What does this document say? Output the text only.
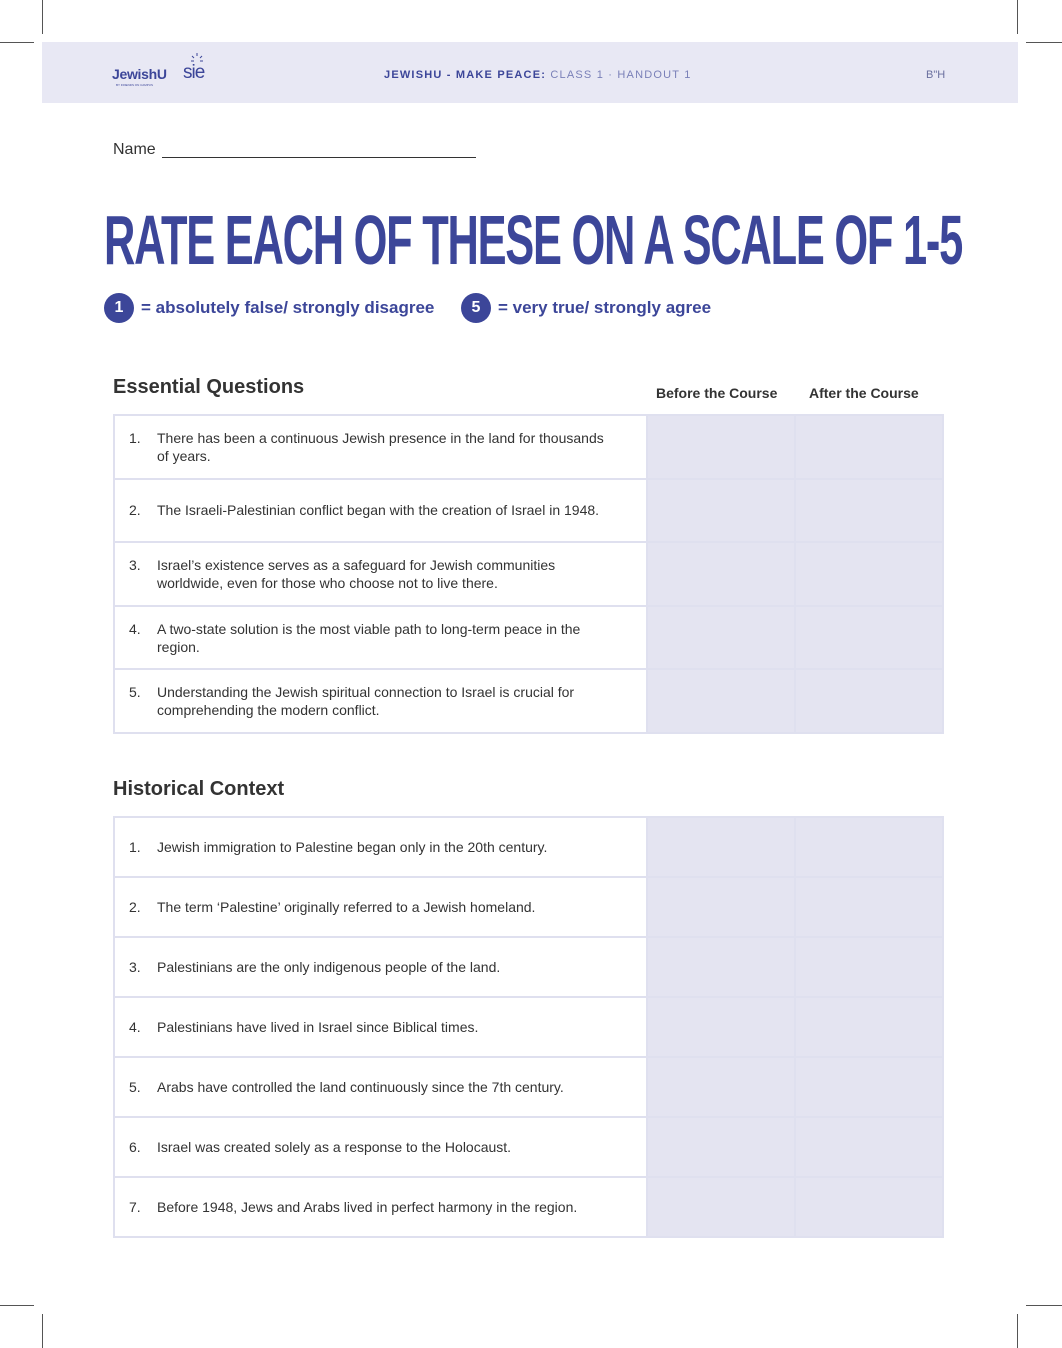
JewishU
BY FRIENDS ON CAMPUS
sie	JEWISHU - MAKE PEACE: CLASS 1 · HANDOUT 1	B"H
Name
RATE EACH OF THESE ON A SCALE OF 1-5
1	= absolutely false/ strongly disagree	5	= very true/ strongly agree
Essential Questions	Before the Course After the Course
1. There has been a continuous Jewish presence in the land for thousands of years.		

2. The Israeli-Palestinian conflict began with the creation of Israel in 1948.		

3. Israel’s existence serves as a safeguard for Jewish communities worldwide, even for those who choose not to live there.		

4. A two-state solution is the most viable path to long-term peace in the region.		

5. Understanding the Jewish spiritual connection to Israel is crucial for comprehending the modern conflict.		

Historical Context
1. Jewish immigration to Palestine began only in the 20th century.		

2. The term ‘Palestine’ originally referred to a Jewish homeland.		

3. Palestinians are the only indigenous people of the land.		

4. Palestinians have lived in Israel since Biblical times.		

5. Arabs have controlled the land continuously since the 7th century.		

6. Israel was created solely as a response to the Holocaust.		

7. Before 1948, Jews and Arabs lived in perfect harmony in the region.		
